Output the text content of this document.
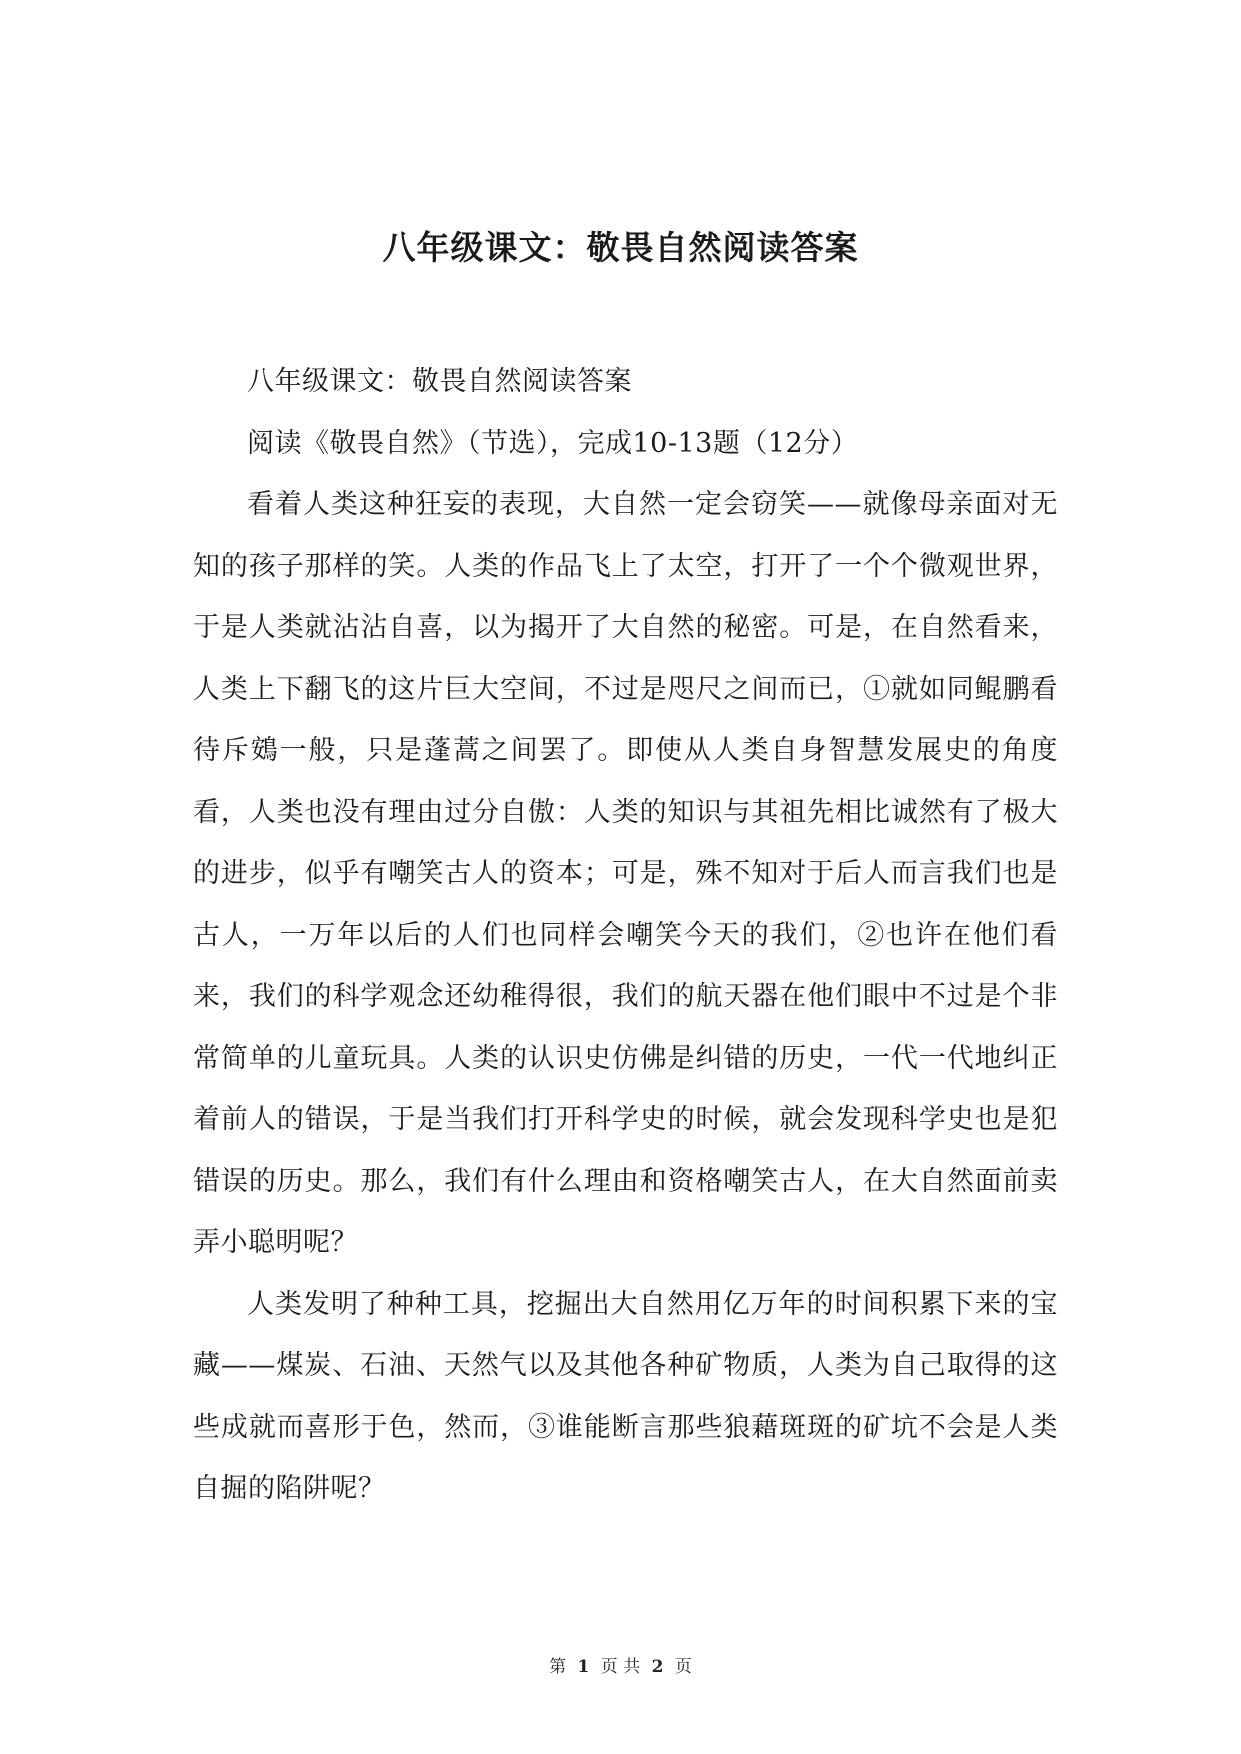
八年级课文：敬畏自然阅读答案

八年级课文：敬畏自然阅读答案

阅读《敬畏自然》（节选），完成10-13题（12分）

看着人类这种狂妄的表现，大自然一定会窃笑——就像母亲面对无知的孩子那样的笑。人类的作品飞上了太空，打开了一个个微观世界，于是人类就沾沾自喜，以为揭开了大自然的秘密。可是，在自然看来，人类上下翻飞的这片巨大空间，不过是咫尺之间而已，①就如同鲲鹏看待斥鴳一般，只是蓬蒿之间罢了。即使从人类自身智慧发展史的角度看，人类也没有理由过分自傲：人类的知识与其祖先相比诚然有了极大的进步，似乎有嘲笑古人的资本；可是，殊不知对于后人而言我们也是古人，一万年以后的人们也同样会嘲笑今天的我们，②也许在他们看来，我们的科学观念还幼稚得很，我们的航天器在他们眼中不过是个非常简单的儿童玩具。人类的认识史仿佛是纠错的历史，一代一代地纠正着前人的错误，于是当我们打开科学史的时候，就会发现科学史也是犯错误的历史。那么，我们有什么理由和资格嘲笑古人，在大自然面前卖弄小聪明呢？

人类发明了种种工具，挖掘出大自然用亿万年的时间积累下来的宝藏——煤炭、石油、天然气以及其他各种矿物质，人类为自己取得的这些成就而喜形于色，然而，③谁能断言那些狼藉斑斑的矿坑不会是人类自掘的陷阱呢？

第 1 页 共 2 页
